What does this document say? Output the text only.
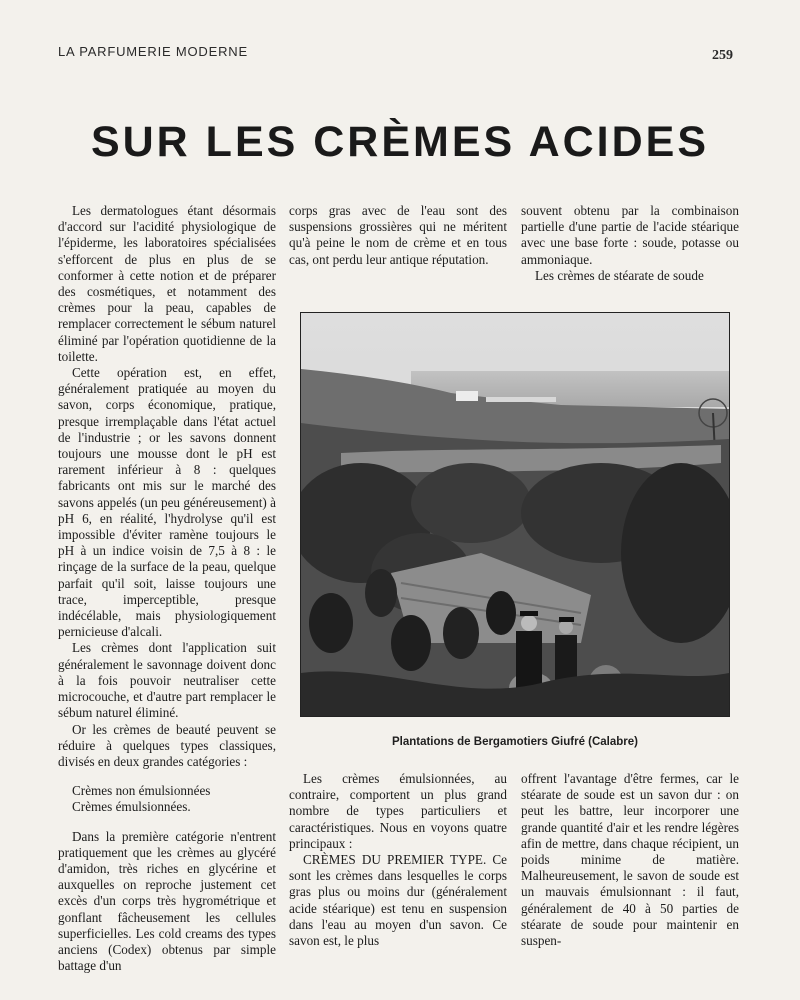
LA PARFUMERIE MODERNE	259
SUR LES CRÈMES ACIDES

Les dermatologues étant désormais d'accord sur l'acidité physiologique de l'épiderme, les laboratoires spécialisées s'efforcent de plus en plus de se conformer à cette notion et de préparer des cosmétiques, et notamment des crèmes pour la peau, capables de remplacer correctement le sébum naturel éliminé par l'opération quotidienne de la toilette.

Cette opération est, en effet, généralement pratiquée au moyen du savon, corps économique, pratique, presque irremplaçable dans l'état actuel de l'industrie ; or les savons donnent toujours une mousse dont le pH est rarement inférieur à 8 : quelques fabricants ont mis sur le marché des savons appelés (un peu généreusement) à pH 6, en réalité, l'hydrolyse qu'il est impossible d'éviter ramène toujours le pH à un indice voisin de 7,5 à 8 : le rinçage de la surface de la peau, quelque parfait qu'il soit, laisse toujours une trace, imperceptible, presque indécélable, mais physiologiquement pernicieuse d'alcali.

Les crèmes dont l'application suit généralement le savonnage doivent donc à la fois pouvoir neutraliser cette microcouche, et d'autre part remplacer le sébum naturel éliminé.

Or les crèmes de beauté peuvent se réduire à quelques types classiques, divisés en deux grandes catégories :

Crèmes non émulsionnées

Crèmes émulsionnées.

Dans la première catégorie n'entrent pratiquement que les crèmes au glycéré d'amidon, très riches en glycérine et auxquelles on reproche justement cet excès d'un corps très hygrométrique et gonflant fâcheusement les cellules superficielles. Les cold creams des types anciens (Codex) obtenus par simple battage d'un

corps gras avec de l'eau sont des suspensions grossières qui ne méritent qu'à peine le nom de crème et en tous cas, ont perdu leur antique réputation.

souvent obtenu par la combinaison partielle d'une partie de l'acide stéarique avec une base forte : soude, potasse ou ammoniaque.

Les crèmes de stéarate de soude

Plantations de Bergamotiers Giufré (Calabre)

Les crèmes émulsionnées, au contraire, comportent un plus grand nombre de types particuliers et caractéristiques. Nous en voyons quatre principaux :

CRÈMES DU PREMIER TYPE. Ce sont les crèmes dans lesquelles le corps gras plus ou moins dur (généralement acide stéarique) est tenu en suspension dans l'eau au moyen d'un savon. Ce savon est, le plus

offrent l'avantage d'être fermes, car le stéarate de soude est un savon dur : on peut les battre, leur incorporer une grande quantité d'air et les rendre légères afin de mettre, dans chaque récipient, un poids minime de matière. Malheureusement, le savon de soude est un mauvais émulsionnant : il faut, généralement de 40 à 50 parties de stéarate de soude pour maintenir en suspen-
